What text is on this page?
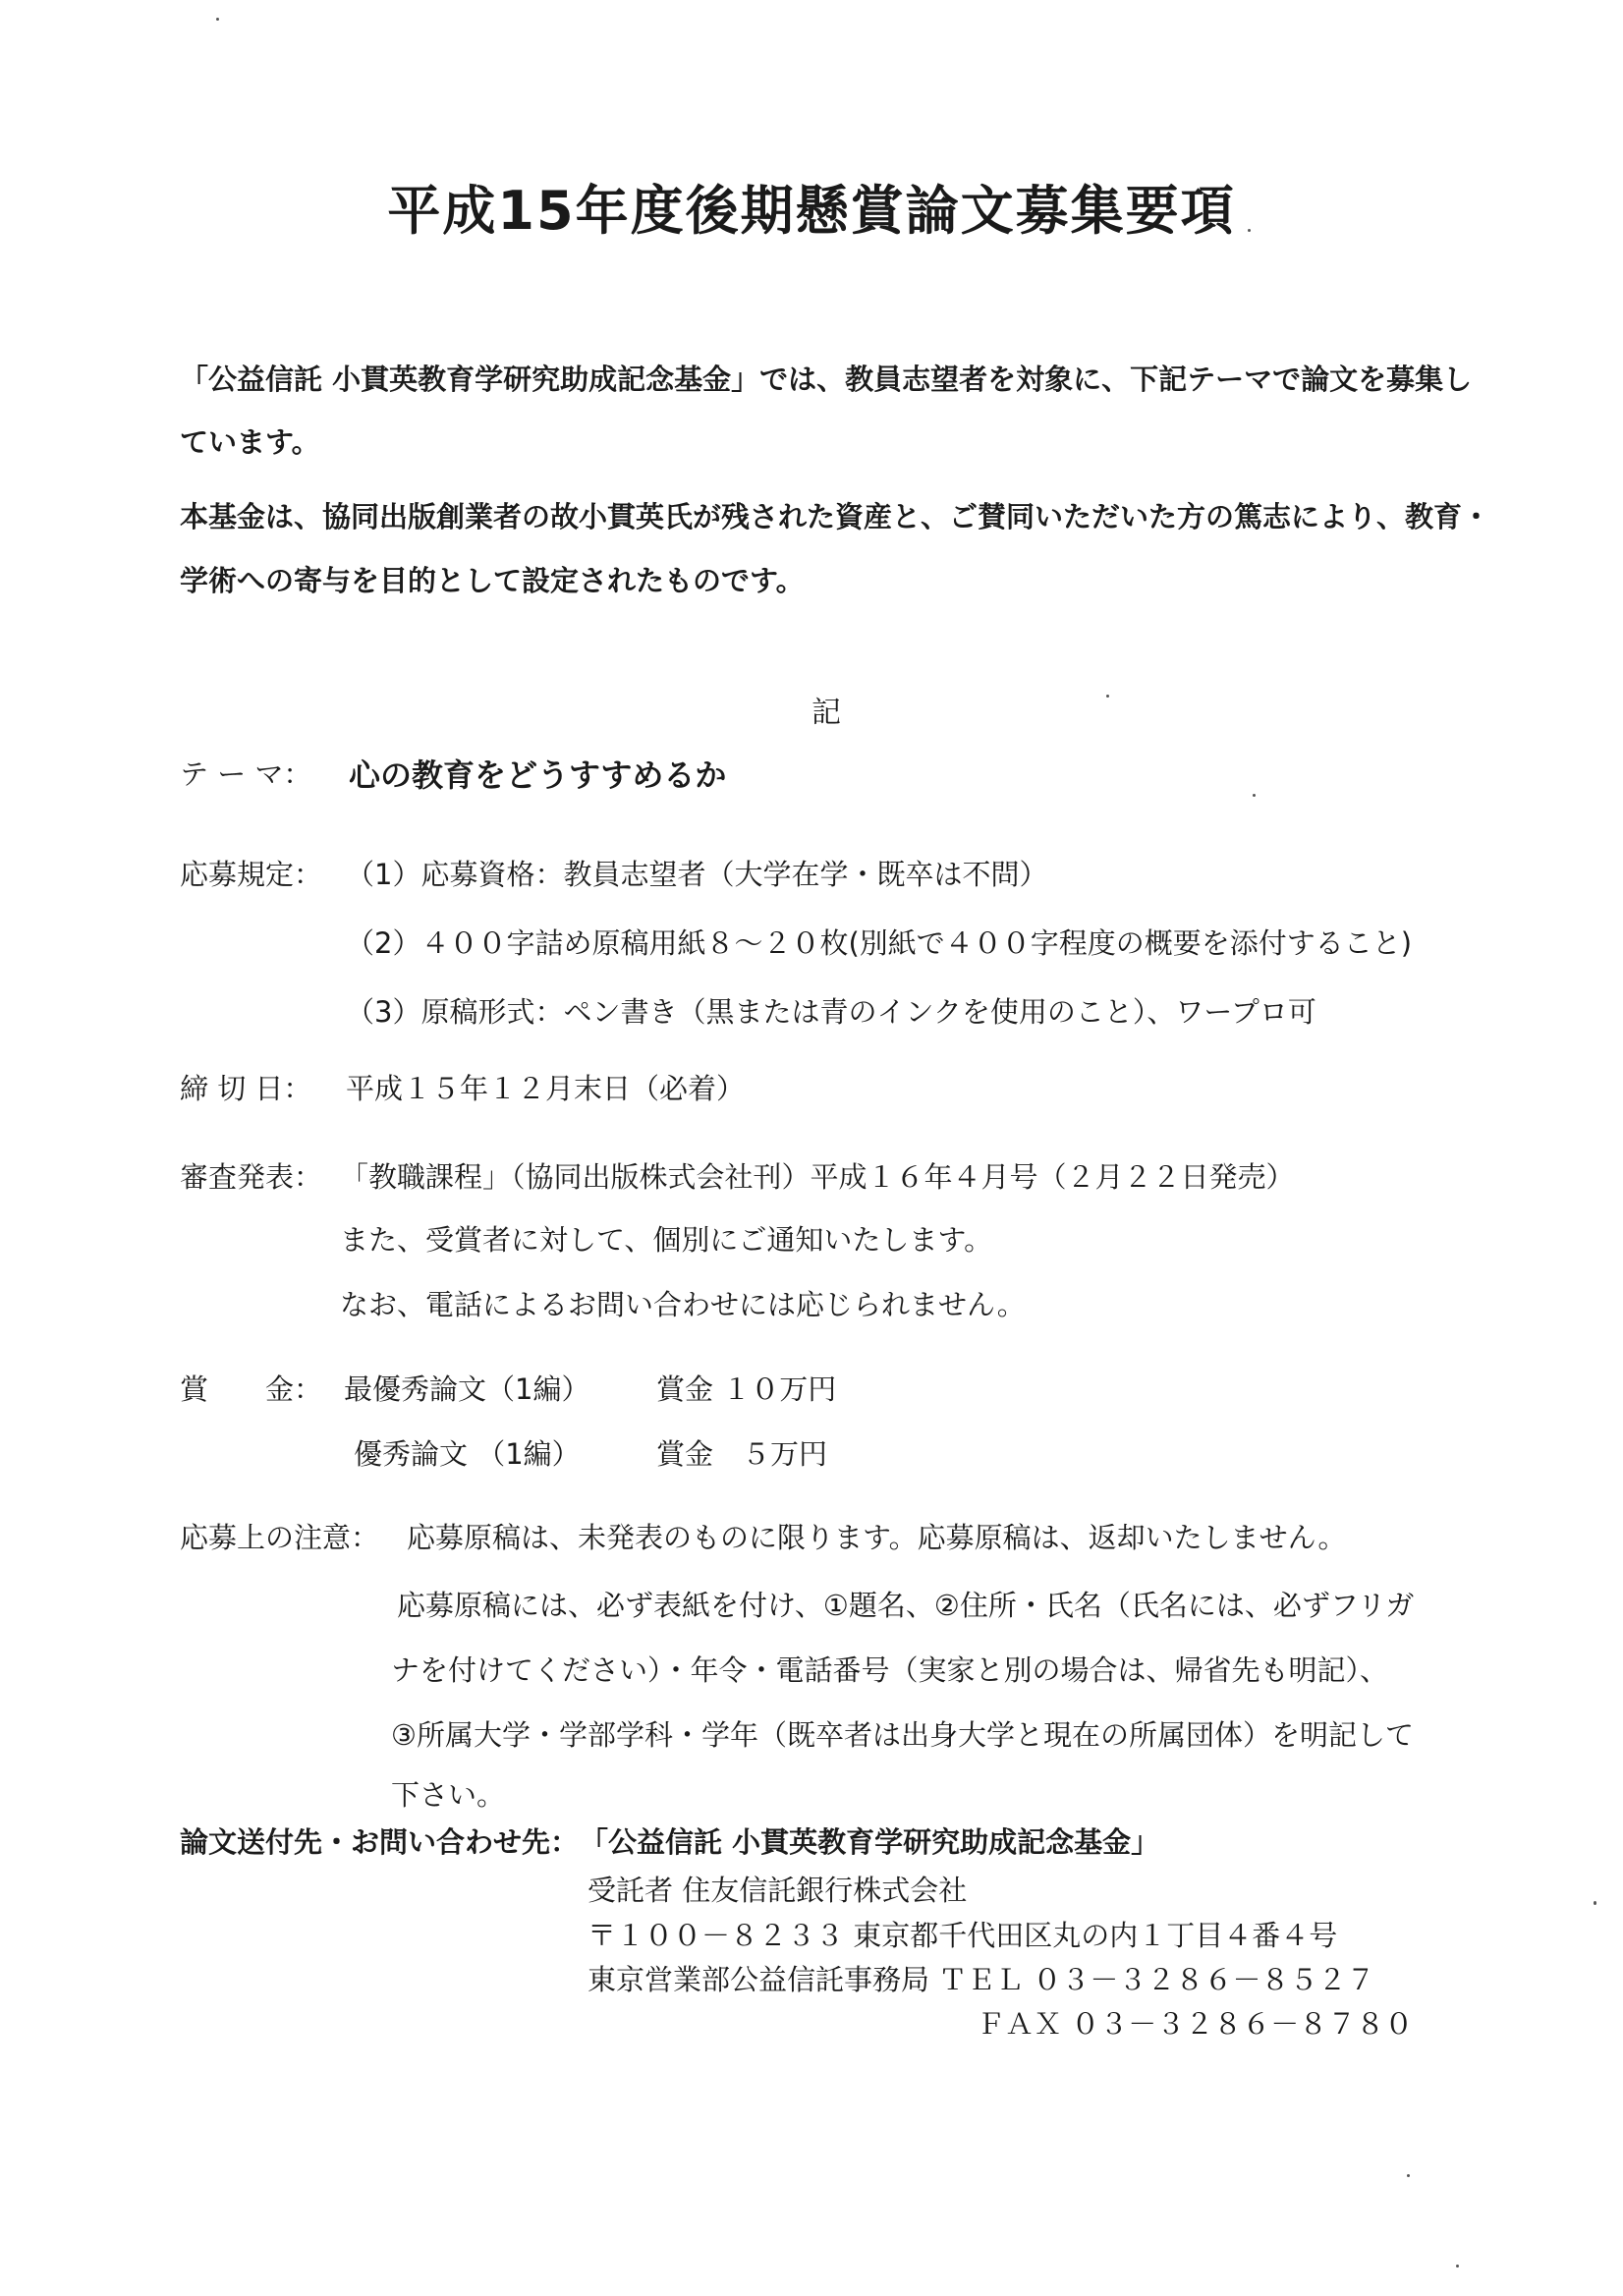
平成15年度後期懸賞論文募集要項
「公益信託 小貫英教育学研究助成記念基金」では、教員志望者を対象に、下記テーマで論文を募集し
ています。
本基金は、協同出版創業者の故小貫英氏が残された資産と、ご賛同いただいた方の篤志により、教育・
学術への寄与を目的として設定されたものです。
記
テ ー マ： 心の教育をどうすすめるか
応募規定： （1）応募資格：教員志望者（大学在学・既卒は不問）
（2）４００字詰め原稿用紙８～２０枚(別紙で４００字程度の概要を添付すること)
（3）原稿形式：ペン書き（黒または青のインクを使用のこと）、ワープロ可
締 切 日： 平成１５年１２月末日（必着）
審査発表： 「教職課程」（協同出版株式会社刊）平成１６年４月号（２月２２日発売）
また、受賞者に対して、個別にご通知いたします。
なお、電話によるお問い合わせには応じられません。
賞　　金： 最優秀論文（1編） 賞金 １０万円
優秀論文 （1編）	賞金　５万円
応募上の注意： 応募原稿は、未発表のものに限ります。応募原稿は、返却いたしません。
応募原稿には、必ず表紙を付け、①題名、②住所・氏名（氏名には、必ずフリガ
ナを付けてください）・年令・電話番号（実家と別の場合は、帰省先も明記）、
③所属大学・学部学科・学年（既卒者は出身大学と現在の所属団体）を明記して
下さい。
論文送付先・お問い合わせ先： 「公益信託 小貫英教育学研究助成記念基金」
受託者 住友信託銀行株式会社
〒１００－８２３３ 東京都千代田区丸の内１丁目４番４号
東京営業部公益信託事務局 ＴＥＬ ０３－３２８６－８５２７
ＦＡＸ ０３－３２８６－８７８０
